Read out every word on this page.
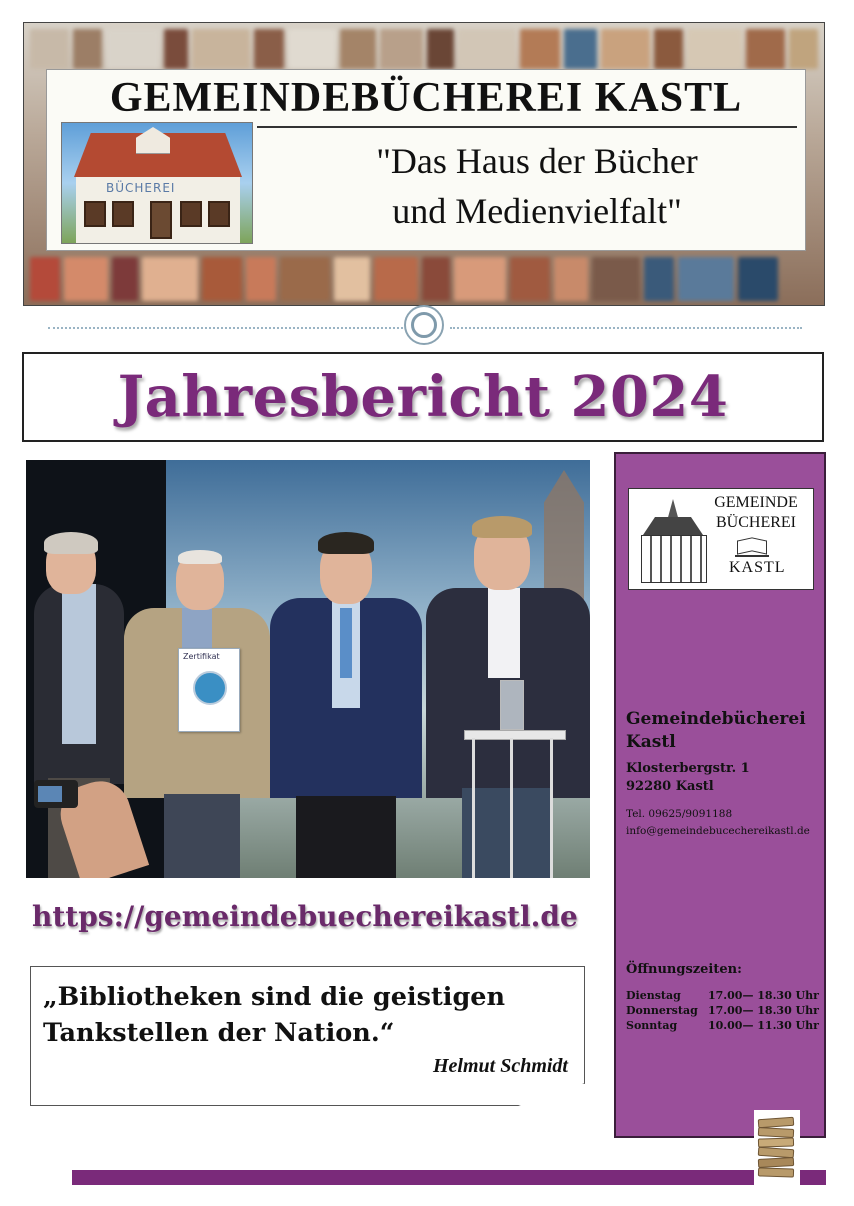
GEMEINDEBÜCHEREI KASTL
BÜCHEREI
"Das Haus der Bücher
und Medienvielfalt"
Jahresbericht 2024
Zertifikat
https://gemeindebuechereikastl.de
„Bibliotheken sind die geistigen
Tankstellen der Nation.“
Helmut Schmidt
GEMEINDE
BÜCHEREI
KASTL
Gemeindebücherei
Kastl
Klosterbergstr. 1
92280 Kastl
Tel. 09625/9091188
info@gemeindebucechereikastl.de
Öffnungszeiten:
Dienstag	17.00— 18.30 Uhr
Donnerstag 17.00— 18.30 Uhr
Sonntag	10.00— 11.30 Uhr
